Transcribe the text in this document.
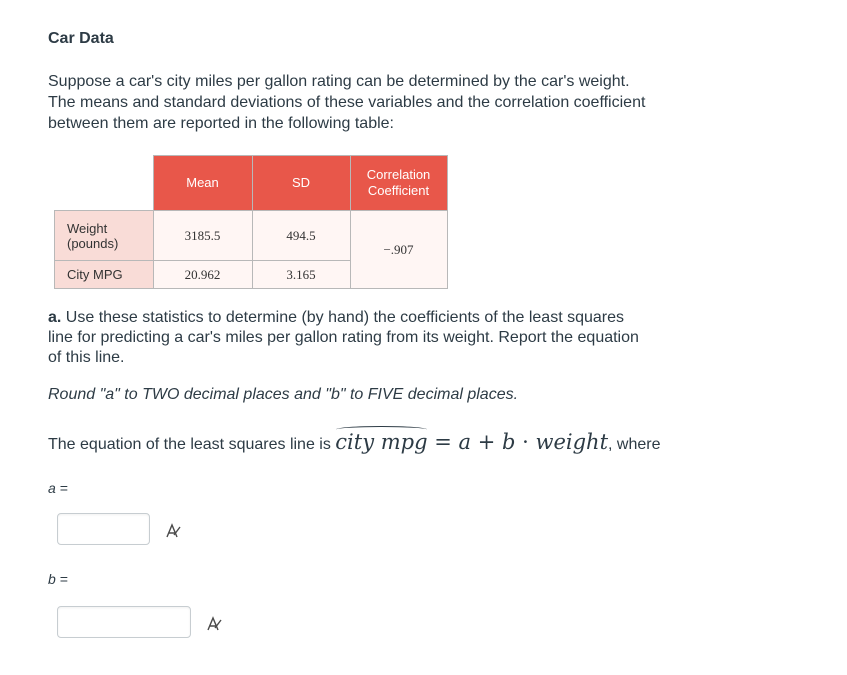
Car Data
Suppose a car's city miles per gallon rating can be determined by the car's weight.
The means and standard deviations of these variables and the correlation coefficient
between them are reported in the following table:
	Mean	SD	Correlation
Coefficient

Weight
(pounds)	3185.5	494.5	−.907
City MPG	20.962	3.165	
a. Use these statistics to determine (by hand) the coefficients of the least squares
line for predicting a car's miles per gallon rating from its weight. Report the equation
of this line.
Round "a" to TWO decimal places and "b" to FIVE decimal places.
The equation of the least squares line is city mpg = a + b · weight, where
a =
b =
